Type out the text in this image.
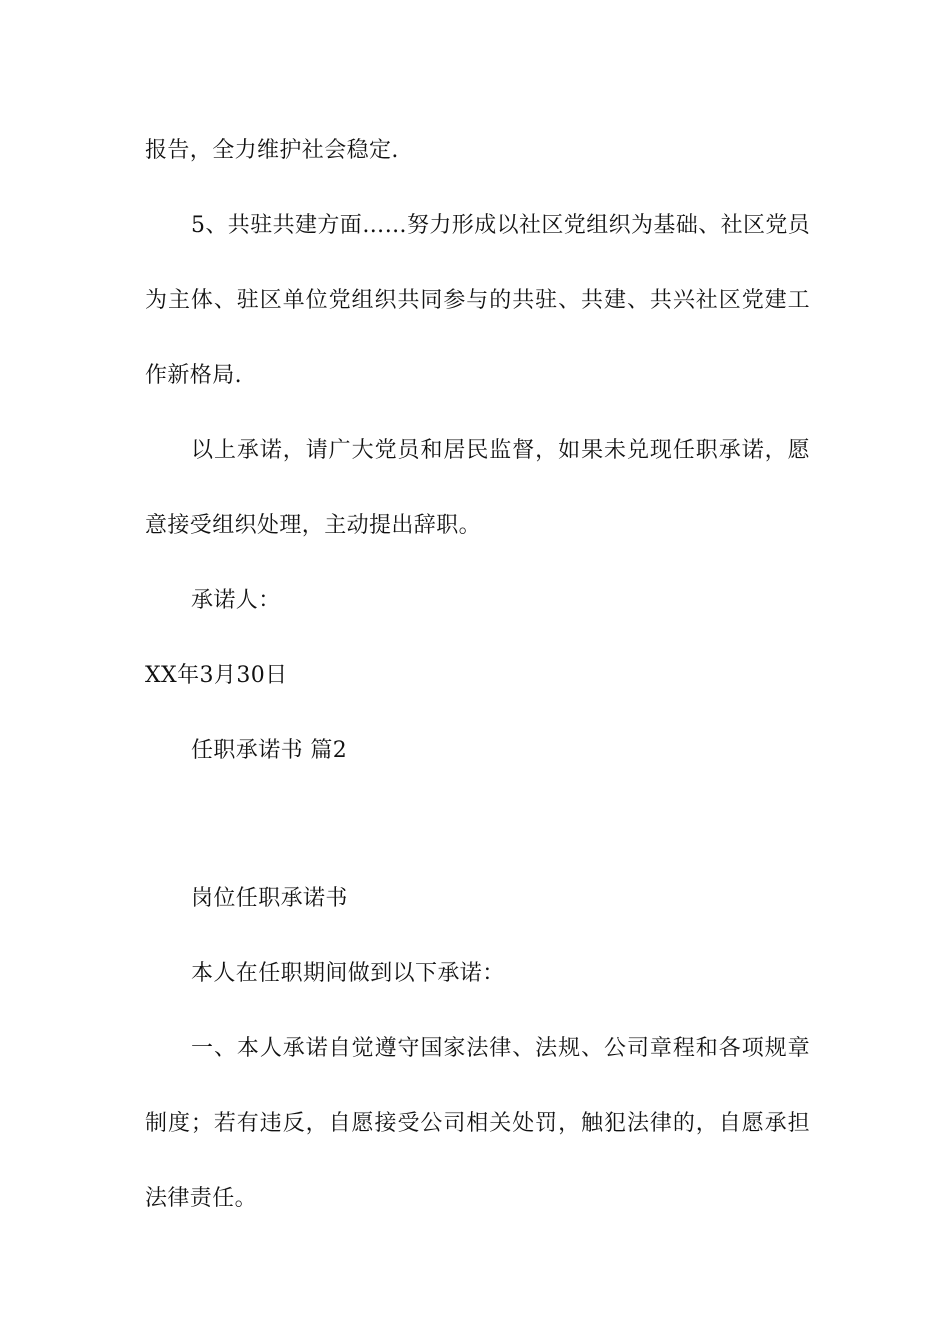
报告，全力维护社会稳定.
5、共驻共建方面……努力形成以社区党组织为基础、社区党员
为主体、驻区单位党组织共同参与的共驻、共建、共兴社区党建工
作新格局.
以上承诺，请广大党员和居民监督，如果未兑现任职承诺，愿
意接受组织处理，主动提出辞职。
承诺人：
XX年3月30日
任职承诺书 篇2
岗位任职承诺书
本人在任职期间做到以下承诺：
一、本人承诺自觉遵守国家法律、法规、公司章程和各项规章
制度；若有违反，自愿接受公司相关处罚，触犯法律的，自愿承担
法律责任。
